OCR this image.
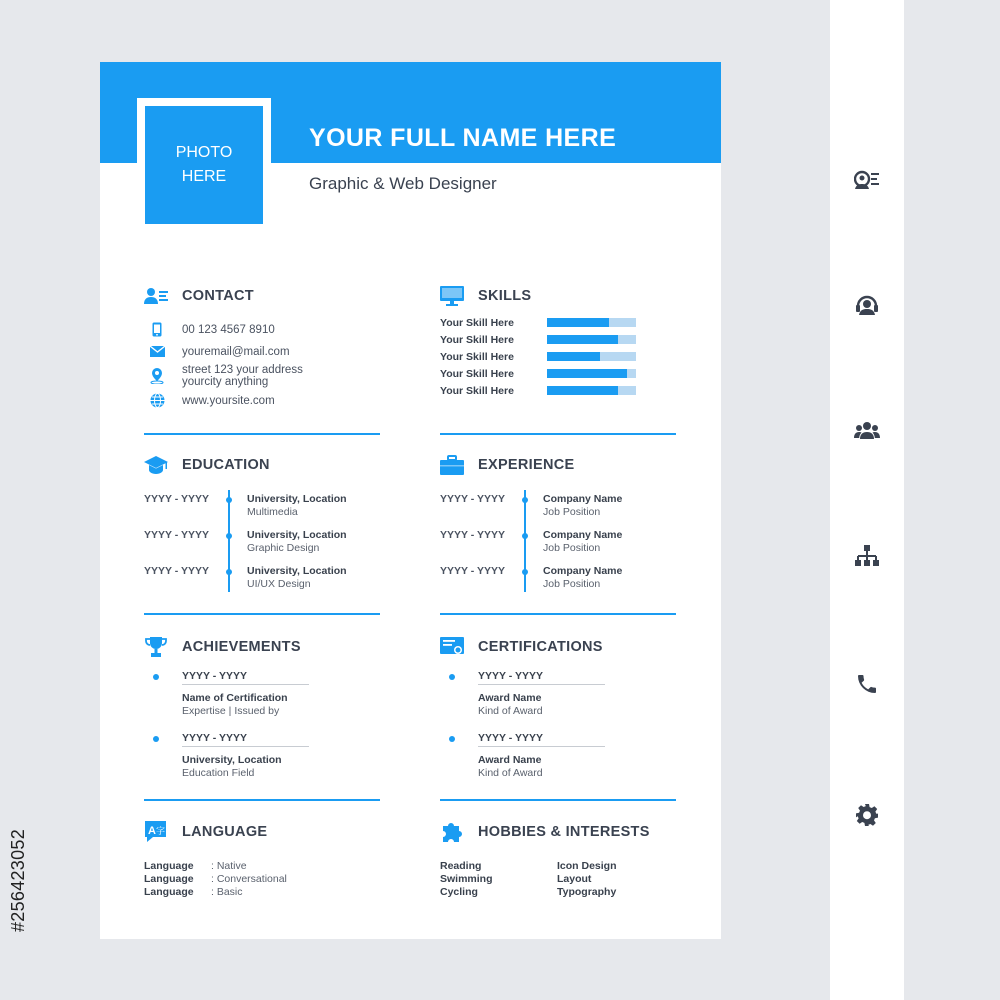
#256423052
PHOTO
HERE
YOUR FULL NAME HERE
Graphic & Web Designer
CONTACT
00 123 4567 8910
youremail@mail.com
street 123 your address
yourcity anything
www.yoursite.com
SKILLS
Your Skill Here
Your Skill Here
Your Skill Here
Your Skill Here
Your Skill Here
EDUCATION
YYYY - YYYY	University, Location
Multimedia
YYYY - YYYY	University, Location
Graphic Design
YYYY - YYYY	University, Location
UI/UX Design
EXPERIENCE
YYYY - YYYY	Company Name
Job Position
YYYY - YYYY	Company Name
Job Position
YYYY - YYYY	Company Name
Job Position
ACHIEVEMENTS
YYYY - YYYY
Name of Certification
Expertise | Issued by
YYYY - YYYY
University, Location
Education Field
CERTIFICATIONS
YYYY - YYYY
Award Name
Kind of Award
YYYY - YYYY
Award Name
Kind of Award
A 字 LANGUAGE
Language	: Native
Language	: Conversational
Language	: Basic
HOBBIES & INTERESTS
Reading	Icon Design
Swimming	Layout
Cycling	Typography
